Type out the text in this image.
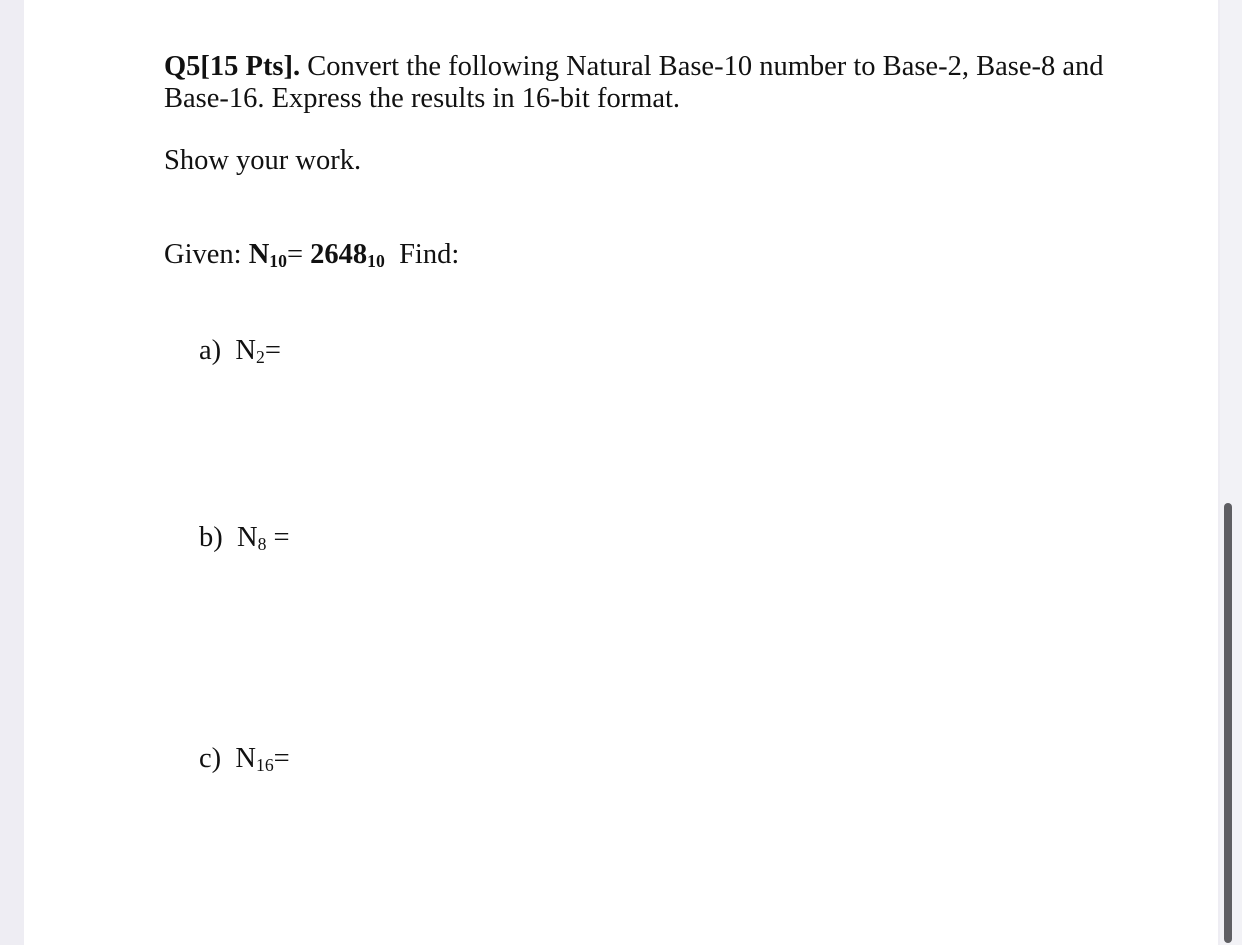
Q5[15 Pts]. Convert the following Natural Base-10 number to Base-2, Base-8 and
Base-16. Express the results in 16-bit format.
Show your work.
Given: $N_{10}= 2648_{10}$ Find:
a) $N_2=$
b) $N_8$ =
c) $N_{16}=$
